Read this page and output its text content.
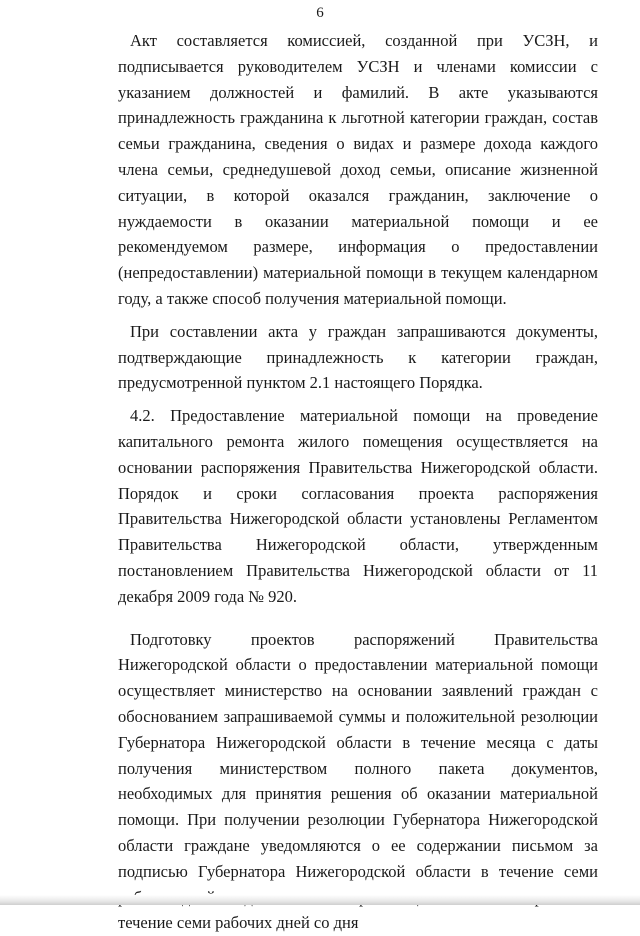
6

Акт составляется комиссией, созданной при УСЗН, и подписывается руководителем УСЗН и членами комиссии с указанием должностей и фамилий. В акте указываются принадлежность гражданина к льготной категории граждан, состав семьи гражданина, сведения о видах и размере дохода каждого члена семьи, среднедушевой доход семьи, описание жизненной ситуации, в которой оказался гражданин, заключение о нуждаемости в оказании материальной помощи и ее рекомендуемом размере, информация о предоставлении (непредоставлении) материальной помощи в текущем календарном году, а также способ получения материальной помощи.

При составлении акта у граждан запрашиваются документы, подтверждающие принадлежность к категории граждан, предусмотренной пунктом 2.1 настоящего Порядка.

4.2. Предоставление материальной помощи на проведение капитального ремонта жилого помещения осуществляется на основании распоряжения Правительства Нижегородской области. Порядок и сроки согласования проекта распоряжения Правительства Нижегородской области установлены Регламентом Правительства Нижегородской области, утвержденным постановлением Правительства Нижегородской области от 11 декабря 2009 года № 920.

Подготовку проектов распоряжений Правительства Нижегородской области о предоставлении материальной помощи осуществляет министерство на основании заявлений граждан с обоснованием запрашиваемой суммы и положительной резолюции Губернатора Нижегородской области в течение месяца с даты получения министерством полного пакета документов, необходимых для принятия решения об оказании материальной помощи. При получении резолюции Губернатора Нижегородской области граждане уведомляются о ее содержании письмом за подписью Губернатора Нижегородской области в течение семи течение семи рабочих дней со дня
